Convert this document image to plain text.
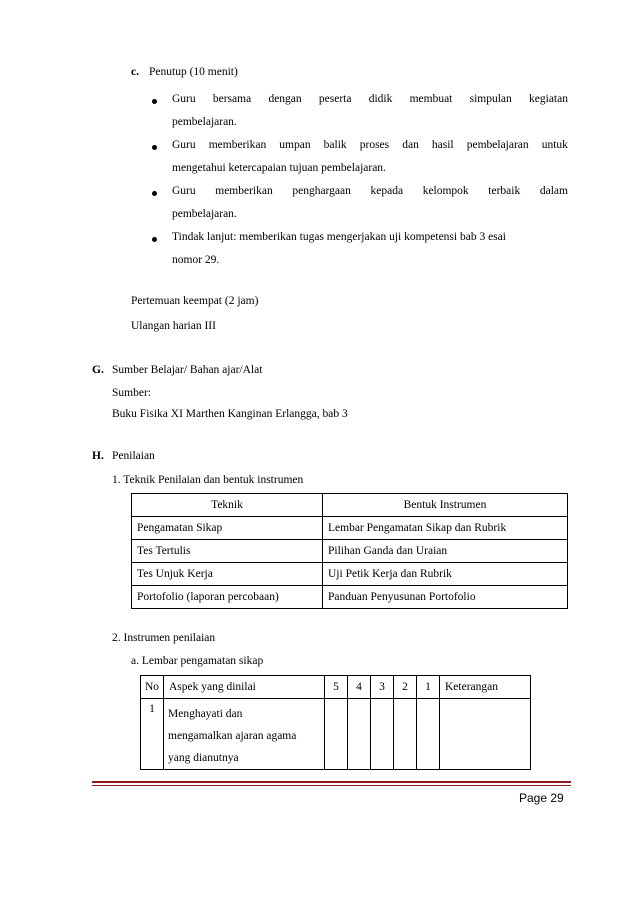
c. Penutup (10 menit)
Guru bersama dengan peserta didik membuat simpulan kegiatan
pembelajaran.
Guru memberikan umpan balik proses dan hasil pembelajaran untuk
mengetahui ketercapaian tujuan pembelajaran.
Guru memberikan penghargaan kepada kelompok terbaik dalam
pembelajaran.
Tindak lanjut: memberikan tugas mengerjakan uji kompetensi bab 3 esai
nomor 29.
Pertemuan keempat (2 jam)
Ulangan harian III
G. Sumber Belajar/ Bahan ajar/Alat
Sumber:
Buku Fisika XI Marthen Kanginan Erlangga, bab 3
H. Penilaian
1. Teknik Penilaian dan bentuk instrumen
Teknik	Bentuk Instrumen
Pengamatan Sikap	Lembar Pengamatan Sikap dan Rubrik
Tes Tertulis	Pilihan Ganda dan Uraian
Tes Unjuk Kerja	Uji Petik Kerja dan Rubrik
Portofolio (laporan percobaan)	Panduan Penyusunan Portofolio
2. Instrumen penilaian
a. Lembar pengamatan sikap
No	Aspek yang dinilai	5	4	3	2	1	Keterangan
1	Menghayati dan
mengamalkan ajaran agama
yang dianutnya						

Page 29
